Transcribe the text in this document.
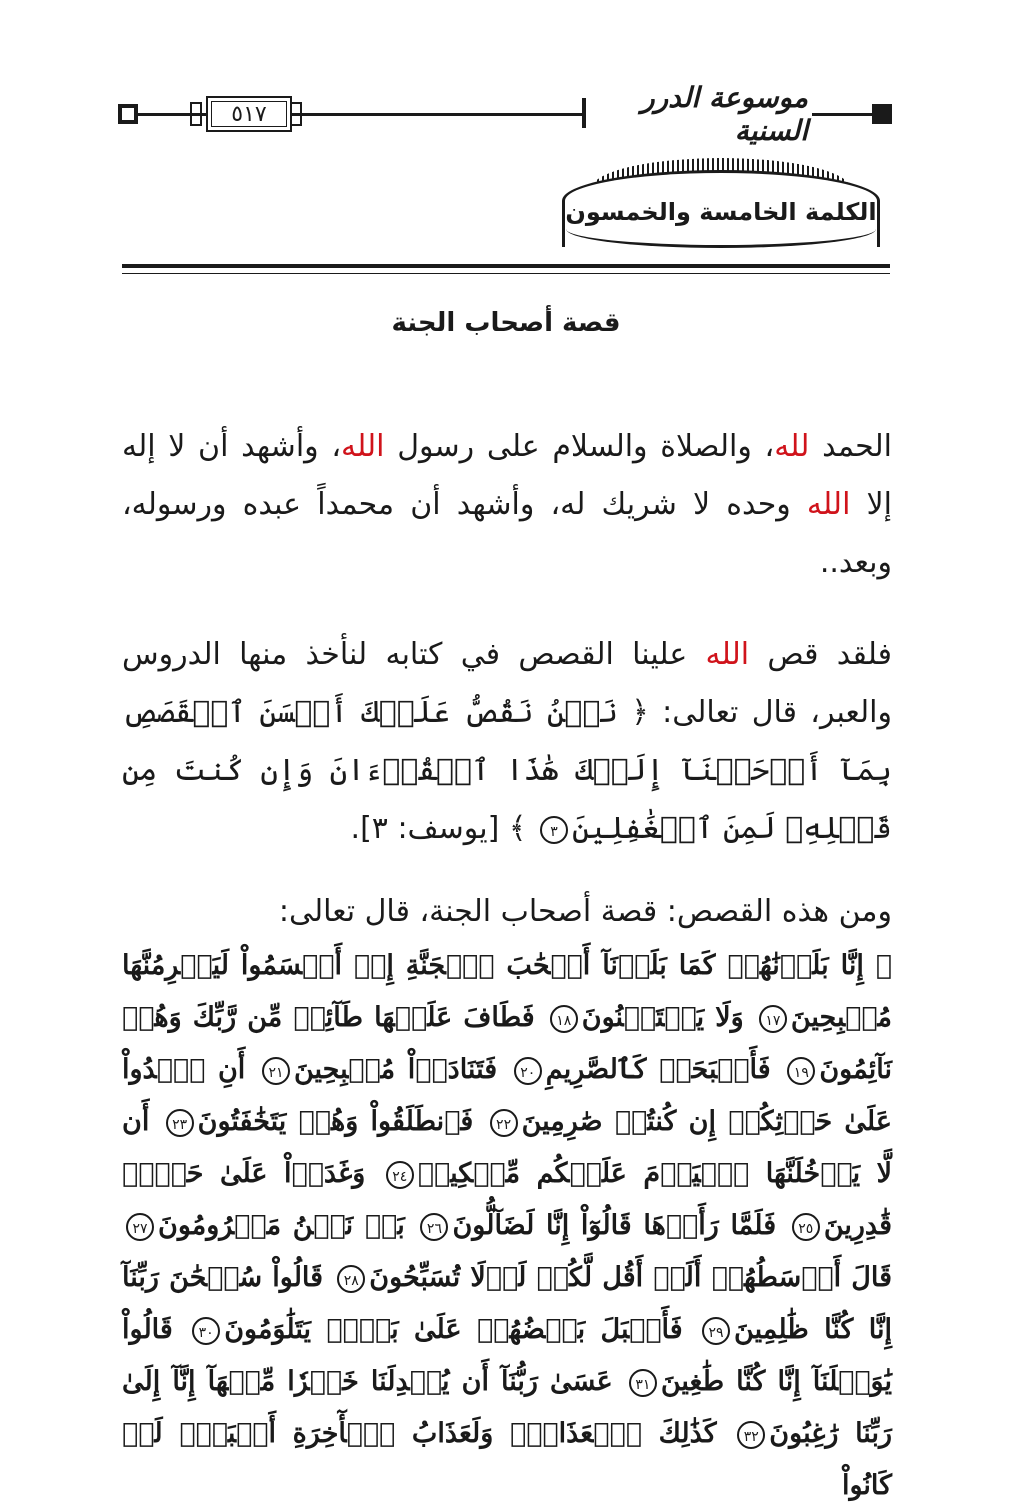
٥١٧	موسوعة الدرر السنية
الكلمة الخامسة والخمسون
قصة أصحاب الجنة

الحمد لله، والصلاة والسلام على رسول الله، وأشهد أن لا إله إلا الله وحده لا شريك له، وأشهد أن محمداً عبده ورسوله، وبعد..

فلقد قص الله علينا القصص في كتابه لنأخذ منها الدروس والعبر، قال تعالى: ﴿ نَحۡنُ نَقُصُّ عَلَيۡكَ أَحۡسَنَ ٱلۡقَصَصِ بِمَآ أَوۡحَيۡنَآ إِلَيۡكَ هَٰذَا ٱلۡقُرۡءَانَ وَإِن كُنتَ مِن قَبۡلِهِۦ لَمِنَ ٱلۡغَٰفِلِينَ٣ ﴾ [يوسف: ٣].

ومن هذه القصص: قصة أصحاب الجنة، قال تعالى:

﴿ إِنَّا بَلَوۡنَٰهُمۡ كَمَا بَلَوۡنَآ أَصۡحَٰبَ ٱلۡجَنَّةِ إِذۡ أَقۡسَمُواْ لَيَصۡرِمُنَّهَا مُصۡبِحِينَ١٧ وَلَا يَسۡتَثۡنُونَ١٨ فَطَافَ عَلَيۡهَا طَآئِفٞ مِّن رَّبِّكَ وَهُمۡ نَآئِمُونَ١٩ فَأَصۡبَحَتۡ كَٱلصَّرِيمِ٢٠ فَتَنَادَوۡاْ مُصۡبِحِينَ٢١ أَنِ ٱغۡدُواْ عَلَىٰ حَرۡثِكُمۡ إِن كُنتُمۡ صَٰرِمِينَ٢٢ فَٱنطَلَقُواْ وَهُمۡ يَتَخَٰفَتُونَ٢٣ أَن لَّا يَدۡخُلَنَّهَا ٱلۡيَوۡمَ عَلَيۡكُم مِّسۡكِينٞ٢٤ وَغَدَوۡاْ عَلَىٰ حَرۡدٖ قَٰدِرِينَ٢٥ فَلَمَّا رَأَوۡهَا قَالُوٓاْ إِنَّا لَضَآلُّونَ٢٦ بَلۡ نَحۡنُ مَحۡرُومُونَ٢٧ قَالَ أَوۡسَطُهُمۡ أَلَمۡ أَقُل لَّكُمۡ لَوۡلَا تُسَبِّحُونَ٢٨ قَالُواْ سُبۡحَٰنَ رَبِّنَآ إِنَّا كُنَّا ظَٰلِمِينَ٢٩ فَأَقۡبَلَ بَعۡضُهُمۡ عَلَىٰ بَعۡضٖ يَتَلَٰوَمُونَ٣٠ قَالُواْ يَٰوَيۡلَنَآ إِنَّا كُنَّا طَٰغِينَ٣١ عَسَىٰ رَبُّنَآ أَن يُبۡدِلَنَا خَيۡرٗا مِّنۡهَآ إِنَّآ إِلَىٰ رَبِّنَا رَٰغِبُونَ٣٢ كَذَٰلِكَ ٱلۡعَذَابُۖ وَلَعَذَابُ ٱلۡأٓخِرَةِ أَكۡبَرُۚ لَوۡ كَانُواْ
